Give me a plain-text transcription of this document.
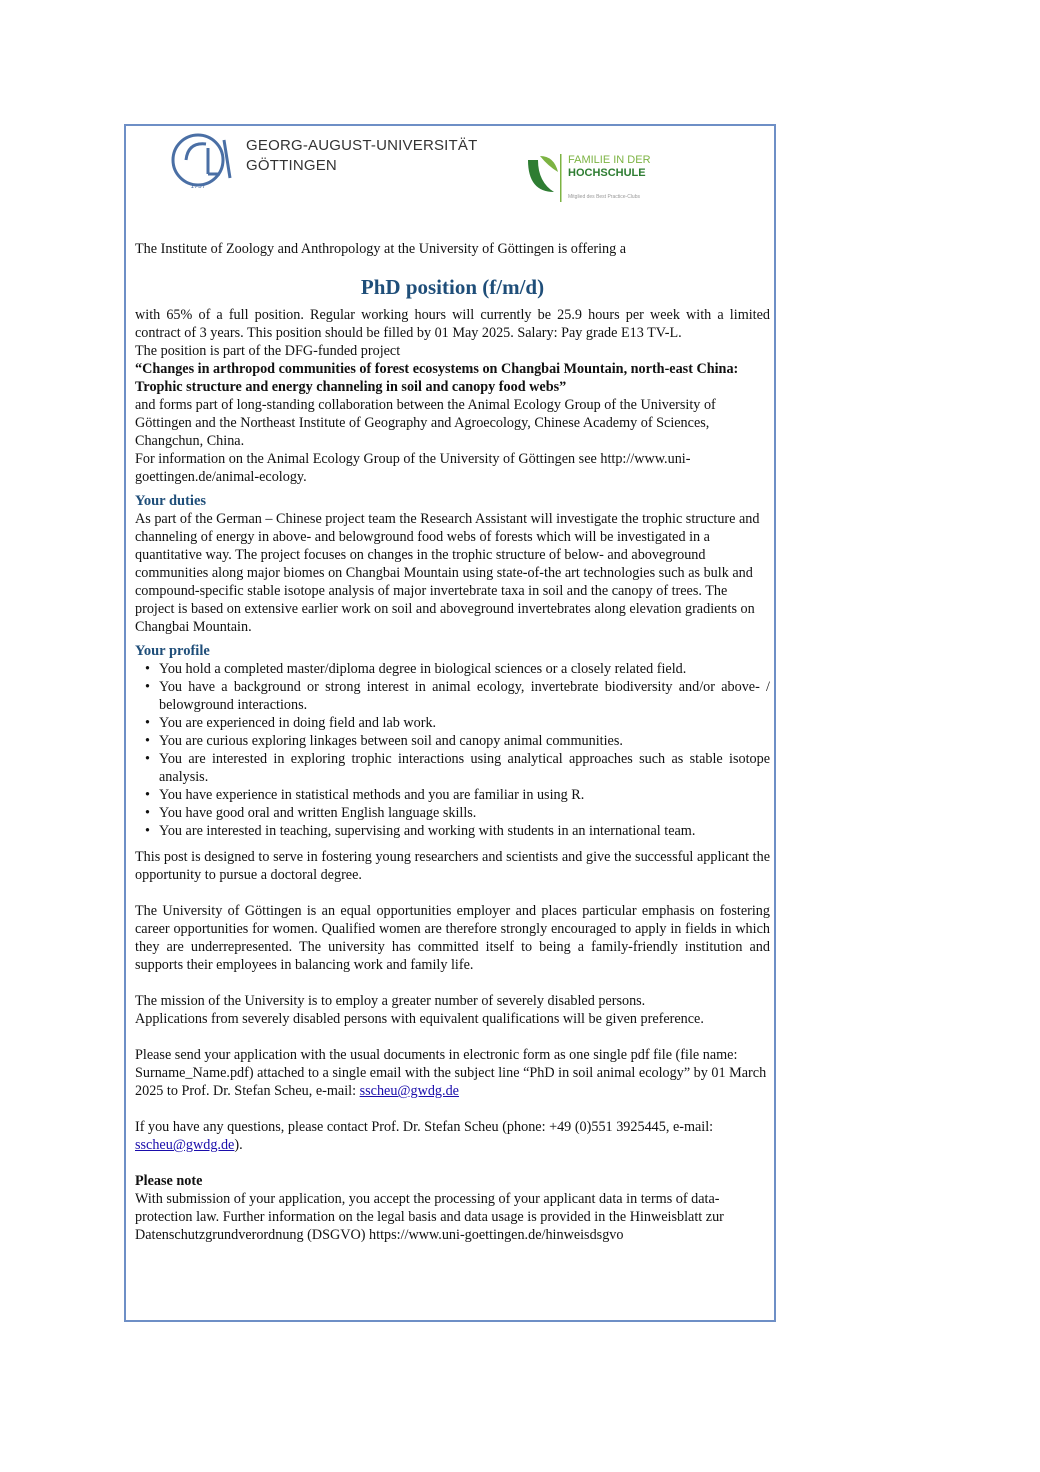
1737
GEORG-AUGUST-UNIVERSITÄT
GÖTTINGEN	FAMILIE IN DER
HOCHSCHULE
Mitglied des Best Practice-Clubs

The Institute of Zoology and Anthropology at the University of Göttingen is offering a

PhD position (f/m/d)

with 65% of a full position. Regular working hours will currently be 25.9 hours per week with a limited contract of 3 years. This position should be filled by 01 May 2025. Salary: Pay grade E13 TV-L.

The position is part of the DFG-funded project

“Changes in arthropod communities of forest ecosystems on Changbai Mountain, north-east China: Trophic structure and energy channeling in soil and canopy food webs”

and forms part of long-standing collaboration between the Animal Ecology Group of the University of Göttingen and the Northeast Institute of Geography and Agroecology, Chinese Academy of Sciences, Changchun, China.

For information on the Animal Ecology Group of the University of Göttingen see http://www.uni-goettingen.de/animal-ecology.

Your duties

As part of the German – Chinese project team the Research Assistant will investigate the trophic structure and channeling of energy in above- and belowground food webs of forests which will be investigated in a quantitative way. The project focuses on changes in the trophic structure of below- and aboveground communities along major biomes on Changbai Mountain using state-of-the art technologies such as bulk and compound-specific stable isotope analysis of major invertebrate taxa in soil and the canopy of trees. The project is based on extensive earlier work on soil and aboveground invertebrates along elevation gradients on Changbai Mountain.

Your profile
• You hold a completed master/diploma degree in biological sciences or a closely related field.
• You have a background or strong interest in animal ecology, invertebrate biodiversity and/or above- / belowground interactions.
• You are experienced in doing field and lab work.
• You are curious exploring linkages between soil and canopy animal communities.
• You are interested in exploring trophic interactions using analytical approaches such as stable isotope analysis.
• You have experience in statistical methods and you are familiar in using R.
• You have good oral and written English language skills.
• You are interested in teaching, supervising and working with students in an international team.

This post is designed to serve in fostering young researchers and scientists and give the successful applicant the opportunity to pursue a doctoral degree.

The University of Göttingen is an equal opportunities employer and places particular emphasis on fostering career opportunities for women. Qualified women are therefore strongly encouraged to apply in fields in which they are underrepresented. The university has committed itself to being a family-friendly institution and supports their employees in balancing work and family life.

The mission of the University is to employ a greater number of severely disabled persons.

Applications from severely disabled persons with equivalent qualifications will be given preference.

Please send your application with the usual documents in electronic form as one single pdf file (file name: Surname_Name.pdf) attached to a single email with the subject line “PhD in soil animal ecology” by 01 March 2025 to Prof. Dr. Stefan Scheu, e-mail: sscheu@gwdg.de

If you have any questions, please contact Prof. Dr. Stefan Scheu (phone: +49 (0)551 3925445, e-mail: sscheu@gwdg.de).

Please note

With submission of your application, you accept the processing of your applicant data in terms of data-protection law. Further information on the legal basis and data usage is provided in the Hinweisblatt zur Datenschutzgrundverordnung (DSGVO) https://www.uni-goettingen.de/hinweisdsgvo
